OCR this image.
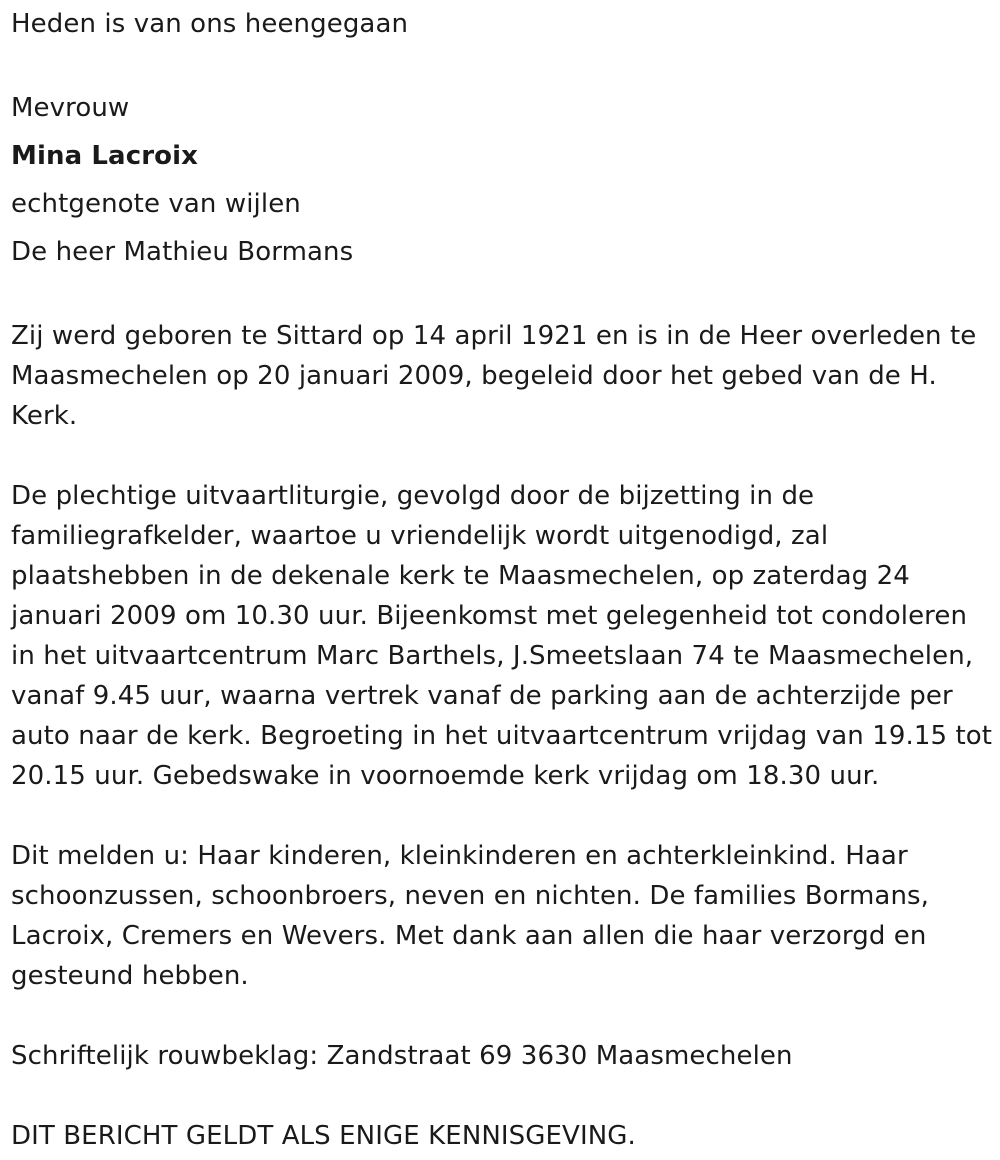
Heden is van ons heengegaan
Mevrouw
Mina Lacroix
echtgenote van wijlen
De heer Mathieu Bormans

Zij werd geboren te Sittard op 14 april 1921 en is in de Heer overleden te Maasmechelen op 20 januari 2009, begeleid door het gebed van de H. Kerk.

De plechtige uitvaartliturgie, gevolgd door de bijzetting in de familiegrafkelder, waartoe u vriendelijk wordt uitgenodigd, zal plaatshebben in de dekenale kerk te Maasmechelen, op zaterdag 24 januari 2009 om 10.30 uur. Bijeenkomst met gelegenheid tot condoleren in het uitvaartcentrum Marc Barthels, J.Smeetslaan 74 te Maasmechelen, vanaf 9.45 uur, waarna vertrek vanaf de parking aan de achterzijde per auto naar de kerk. Begroeting in het uitvaartcentrum vrijdag van 19.15 tot 20.15 uur. Gebedswake in voornoemde kerk vrijdag om 18.30 uur.

Dit melden u: Haar kinderen, kleinkinderen en achterkleinkind. Haar schoonzussen, schoonbroers, neven en nichten. De families Bormans, Lacroix, Cremers en Wevers. Met dank aan allen die haar verzorgd en gesteund hebben.

Schriftelijk rouwbeklag: Zandstraat 69 3630 Maasmechelen

DIT BERICHT GELDT ALS ENIGE KENNISGEVING.
